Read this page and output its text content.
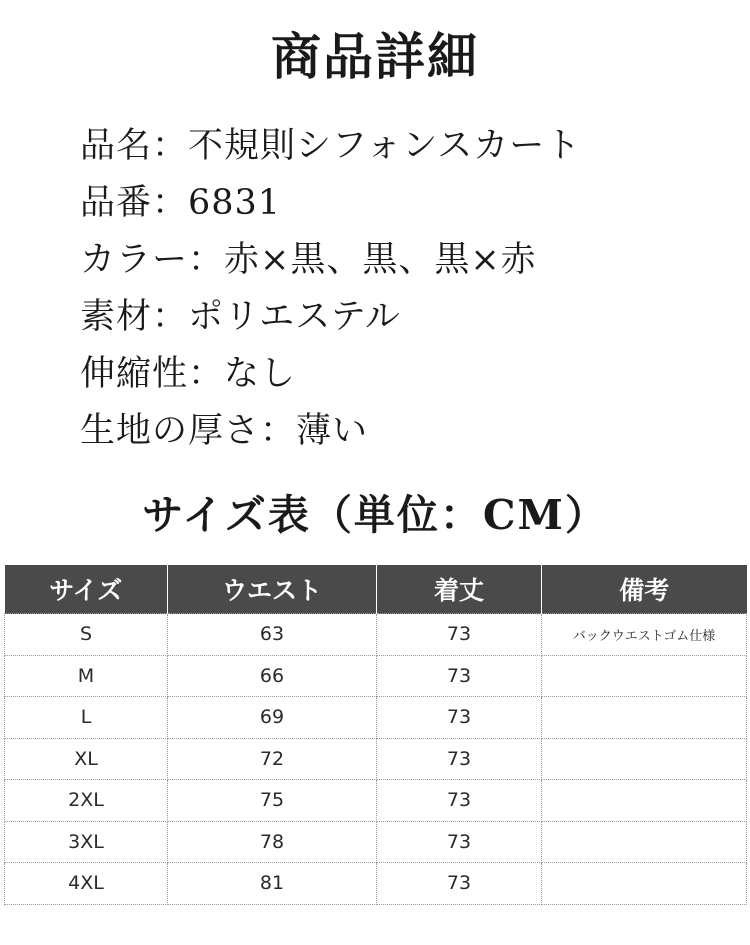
商品詳細
品名：不規則シフォンスカート
品番：6831
カラー：赤×黒、黒、黒×赤
素材：ポリエステル
伸縮性：なし
生地の厚さ：薄い
サイズ表（単位：CM）
サイズ	ウエスト	着丈	備考
S	63	73	バックウエストゴム仕様
M	66	73	
L	69	73	
XL	72	73	
2XL	75	73	
3XL	78	73	
4XL	81	73	
